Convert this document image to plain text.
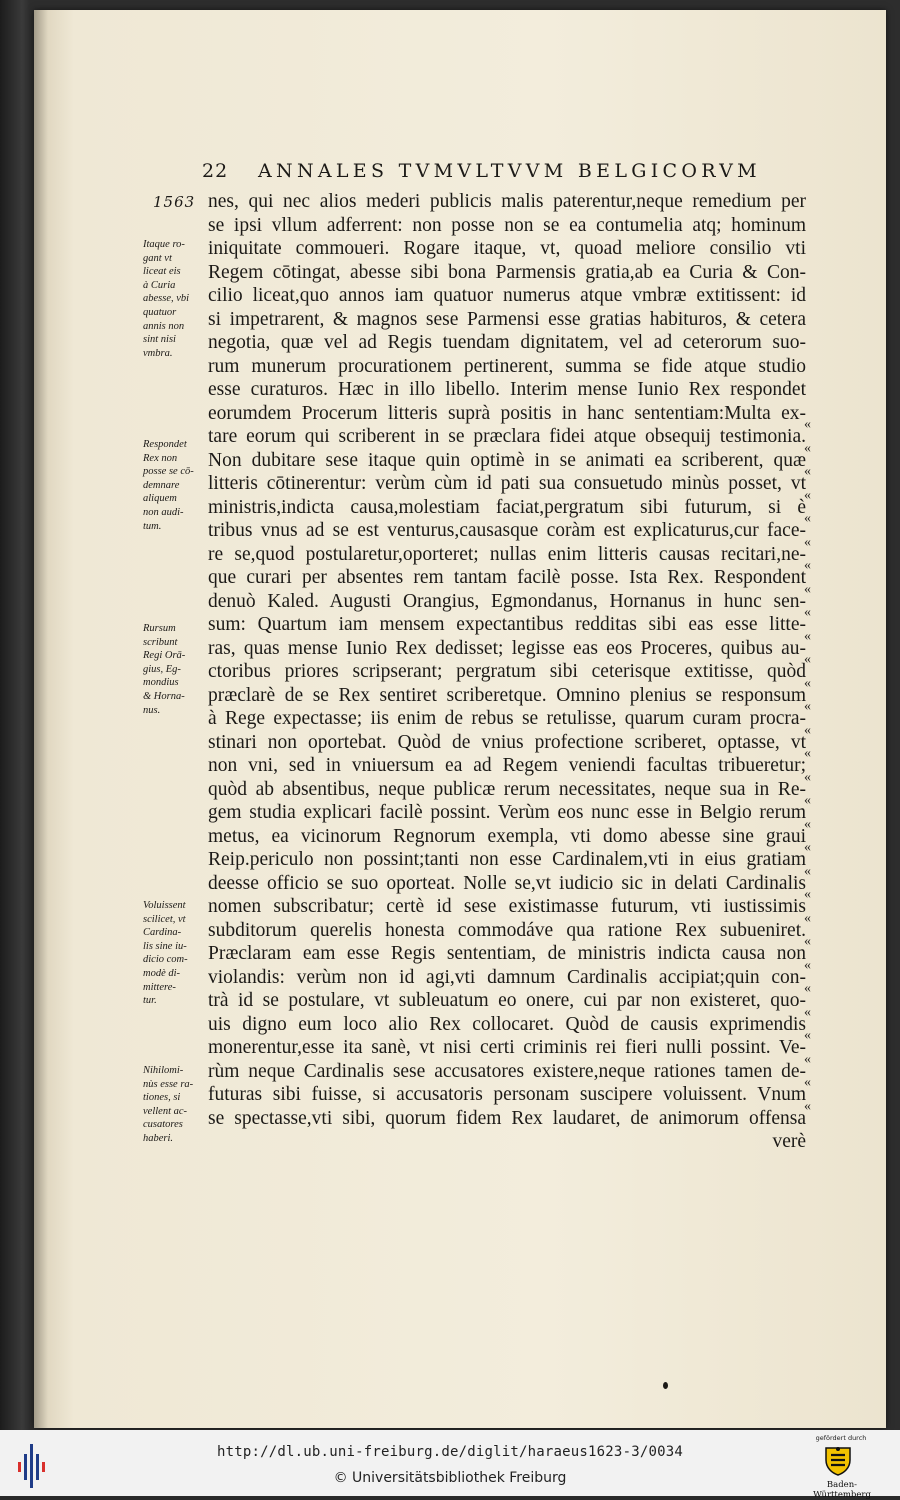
22 ANNALES TVMVLTVVM BELGICORVM
1563 nes, qui nec alios mederi publicis malis paterentur,neque remedium per
se ipsi vllum adferrent: non posse non se ea contumelia atq; hominum
iniquitate commoueri. Rogare itaque, vt, quoad meliore consilio vti
Regem cōtingat, abesse sibi bona Parmensis gratia,ab ea Curia & Con-
cilio liceat,quo annos iam quatuor numerus atque vmbræ extitissent: id
si impetrarent, & magnos sese Parmensi esse gratias habituros, & cetera
negotia, quæ vel ad Regis tuendam dignitatem, vel ad ceterorum suo-
rum munerum procurationem pertinerent, summa se fide atque studio
esse curaturos. Hæc in illo libello. Interim mense Iunio Rex respondet
eorumdem Procerum litteris suprà positis in hanc sententiam:Multa ex-
tare eorum qui scriberent in se præclara fidei atque obsequij testimonia.
Non dubitare sese itaque quin optimè in se animati ea scriberent, quæ
litteris cōtinerentur: verùm cùm id pati sua consuetudo minùs posset, vt
ministris,indicta causa,molestiam faciat,pergratum sibi futurum, si è
tribus vnus ad se est venturus,causasque coràm est explicaturus,cur face-
re se,quod postularetur,oporteret; nullas enim litteris causas recitari,ne-
que curari per absentes rem tantam facilè posse. Ista Rex. Respondent
denuò Kaled. Augusti Orangius, Egmondanus, Hornanus in hunc sen-
sum: Quartum iam mensem expectantibus redditas sibi eas esse litte-
ras, quas mense Iunio Rex dedisset; legisse eas eos Proceres, quibus au-
ctoribus priores scripserant; pergratum sibi ceterisque extitisse, quòd
præclarè de se Rex sentiret scriberetque. Omnino plenius se responsum
à Rege expectasse; iis enim de rebus se retulisse, quarum curam procra-
stinari non oportebat. Quòd de vnius profectione scriberet, optasse, vt
non vni, sed in vniuersum ea ad Regem veniendi facultas tribueretur;
quòd ab absentibus, neque publicæ rerum necessitates, neque sua in Re-
gem studia explicari facilè possint. Verùm eos nunc esse in Belgio rerum
metus, ea vicinorum Regnorum exempla, vti domo abesse sine graui
Reip.periculo non possint;tanti non esse Cardinalem,vti in eius gratiam
deesse officio se suo oporteat. Nolle se,vt iudicio sic in delati Cardinalis
nomen subscribatur; certè id sese existimasse futurum, vti iustissimis
subditorum querelis honesta commodáve qua ratione Rex subueniret.
Præclaram eam esse Regis sententiam, de ministris indicta causa non
violandis: verùm non id agi,vti damnum Cardinalis accipiat;quin con-
trà id se postulare, vt subleuatum eo onere, cui par non existeret, quo-
uis digno eum loco alio Rex collocaret. Quòd de causis exprimendis
monerentur,esse ita sanè, vt nisi certi criminis rei fieri nulli possint. Ve-
rùm neque Cardinalis sese accusatores existere,neque rationes tamen de-
futuras sibi fuisse, si accusatoris personam suscipere voluissent. Vnum
se spectasse,vti sibi, quorum fidem Rex laudaret, de animorum offensa
verè
«
«
«
«
«
«
«
«
«
«
«
«
«
«
«
«
«
«
«
«
«
«
«
«
«
«
«
«
«
«
Itaque ro-
gant vt
liceat eis
à Curia
abesse, vbi
quatuor
annis non
sint nisi
vmbra.
Respondet
Rex non
posse se cō-
demnare
aliquem
non audi-
tum.
Rursum
scribunt
Regi Orā-
gius, Eg-
mondius
& Horna-
nus.
Voluissent
scilicet, vt
Cardina-
lis sine iu-
dicio com-
modè di-
mittere-
tur.
Nihilomi-
nùs esse ra-
tiones, si
vellent ac-
cusatores
haberi.
http://dl.ub.uni-freiburg.de/diglit/haraeus1623-3/0034
© Universitätsbibliothek Freiburg
gefördert durch
Baden-Württemberg
